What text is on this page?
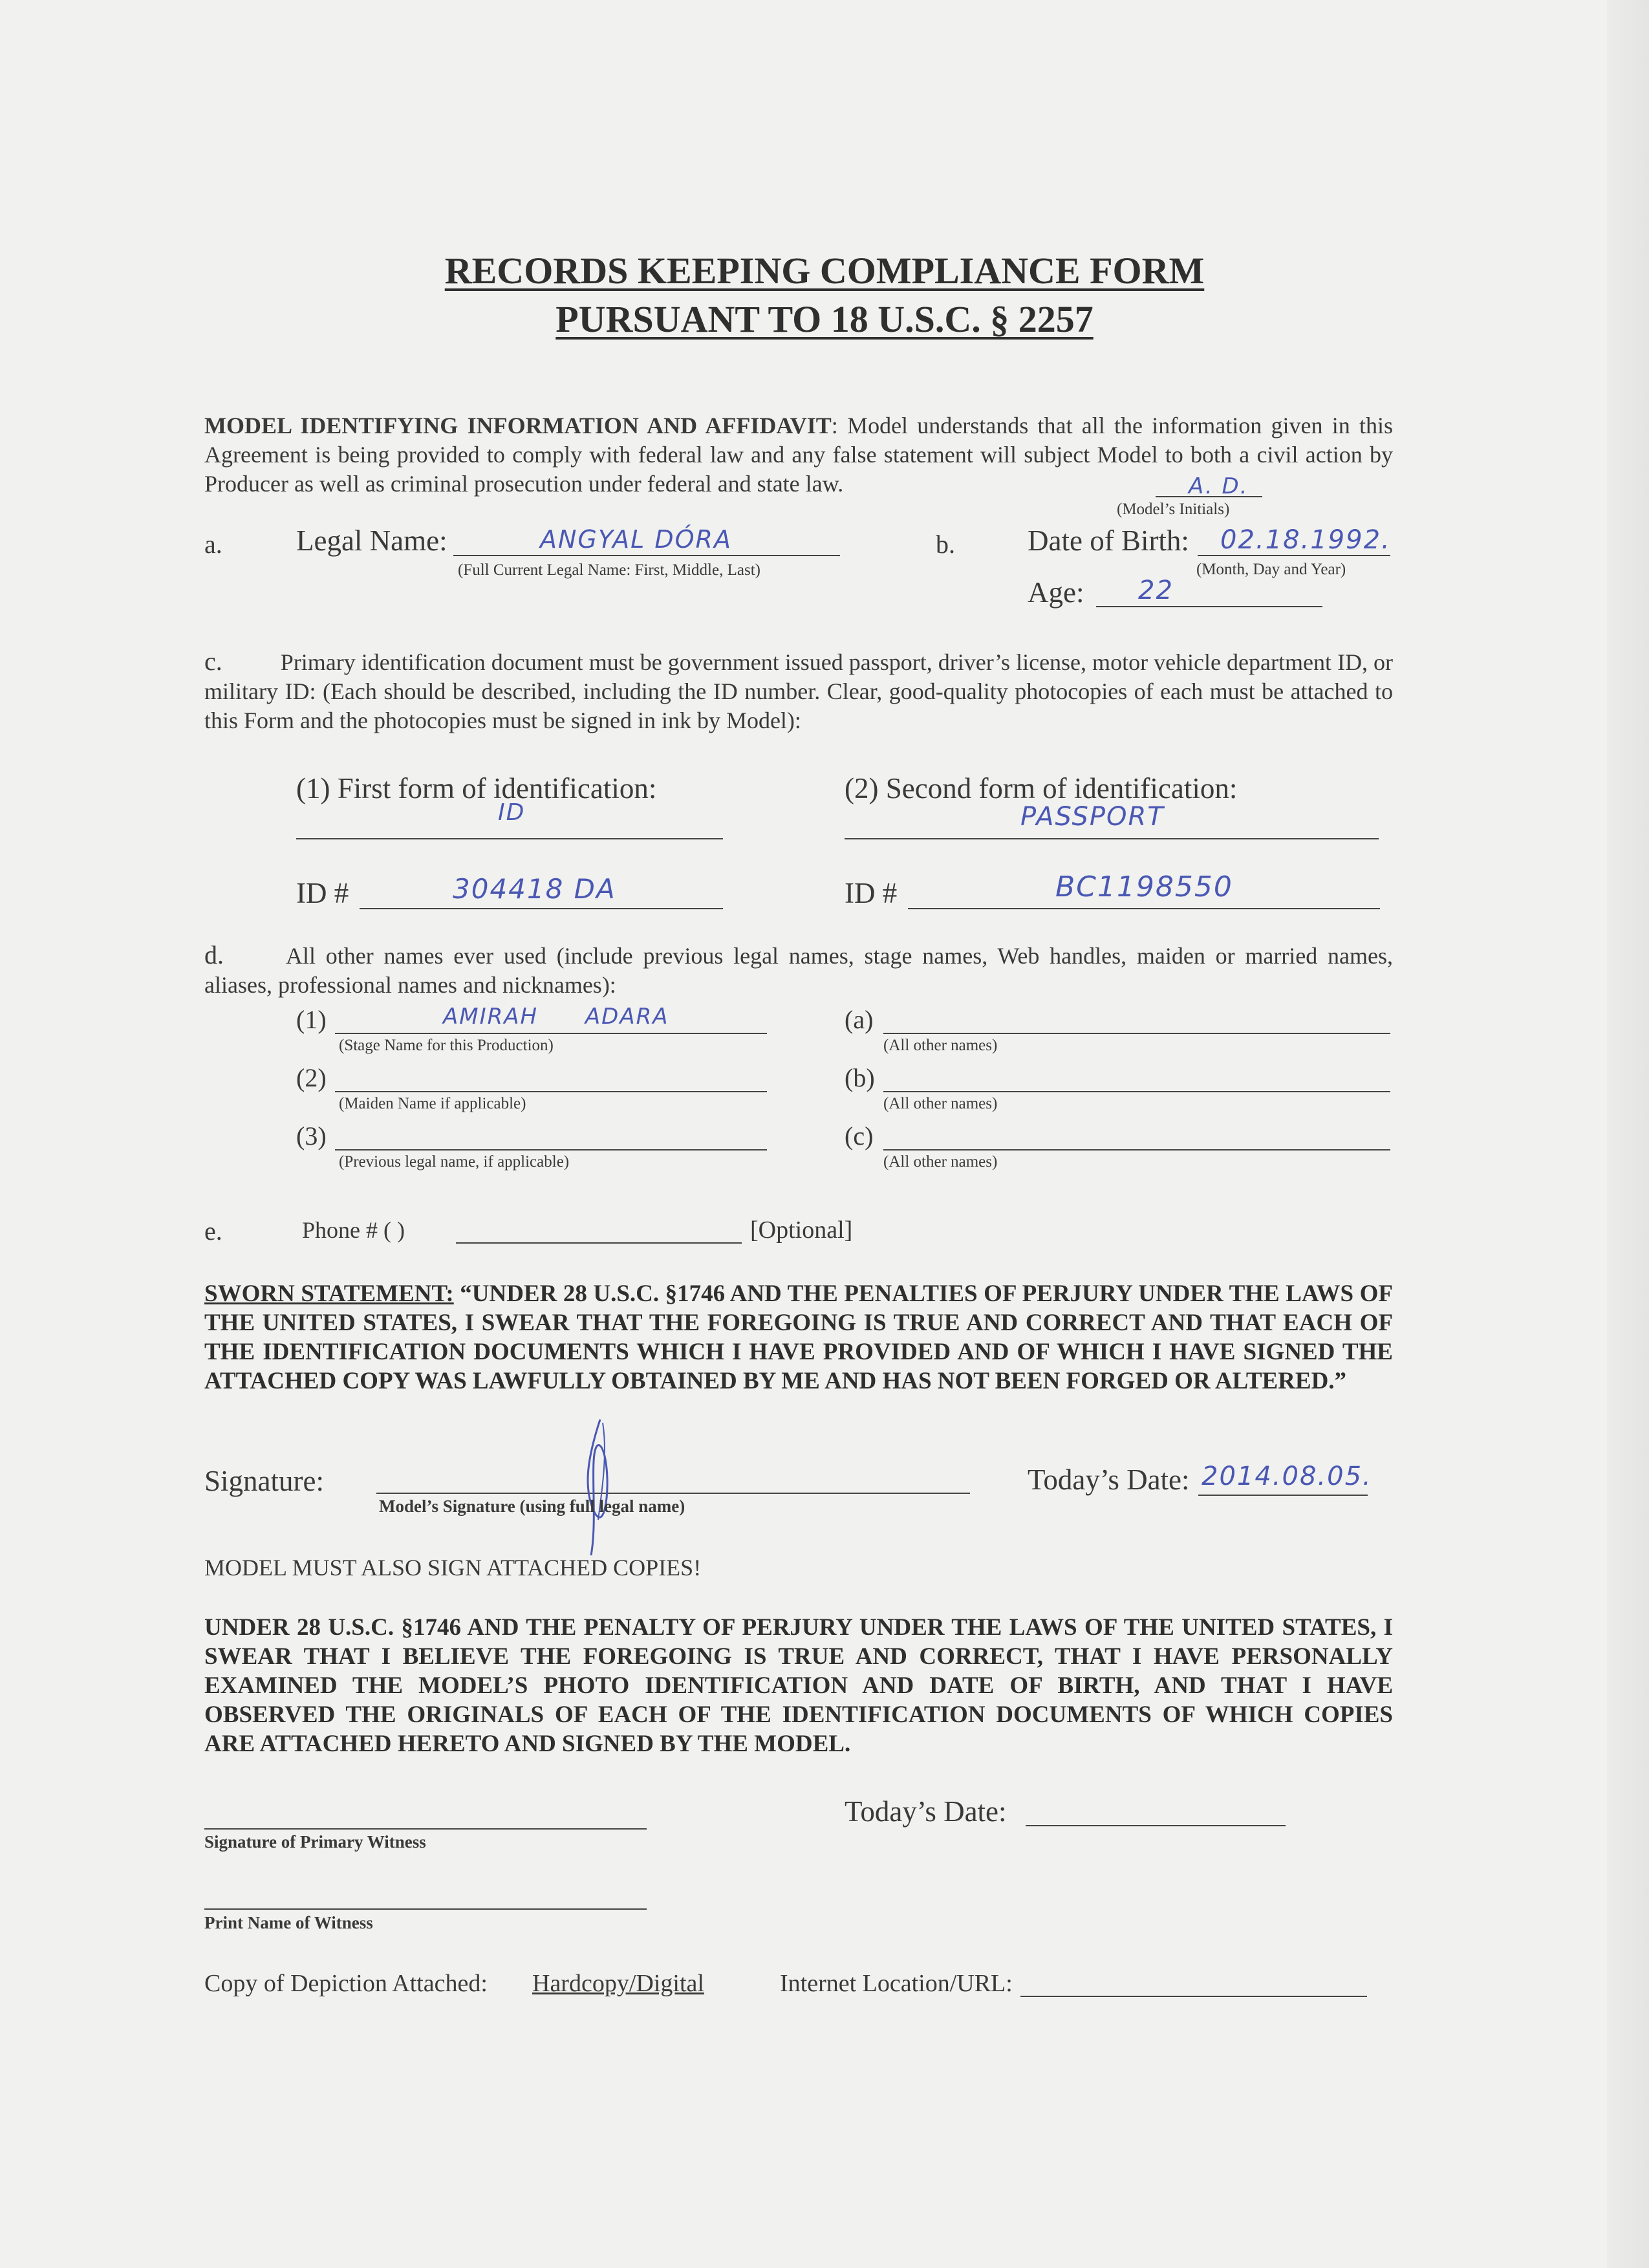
RECORDS KEEPING COMPLIANCE FORM
PURSUANT TO 18 U.S.C. § 2257
MODEL IDENTIFYING INFORMATION AND AFFIDAVIT: Model understands that all the information given in this Agreement is being provided to comply with federal law and any false statement will subject Model to both a civil action by Producer as well as criminal prosecution under federal and state law.	A. D.
(Model’s Initials)
a.	Legal Name:	ANGYAL DÓRA
(Full Current Legal Name: First, Middle, Last)
b. Date of Birth: 02.18.1992.
(Month, Day and Year)
Age: 22
c.	Primary identification document must be government issued passport, driver’s license, motor vehicle department ID, or military ID: (Each should be described, including the ID number. Clear, good-quality photocopies of each must be attached to this Form and the photocopies must be signed in ink by Model):
(1) First form of identification:
ID
(2) Second form of identification:
PASSPORT
ID #	304418 DA	ID #	BC1198550
d.	All other names ever used (include previous legal names, stage names, Web handles, maiden or married names, aliases, professional names and nicknames):
(1)	AMIRAH ADARA
(Stage Name for this Production)
(2)
(Maiden Name if applicable)
(3)
(Previous legal name, if applicable)
(a)
(All other names)
(b)
(All other names)
(c)
(All other names)
e.	Phone # ( )	[Optional]
SWORN STATEMENT: “UNDER 28 U.S.C. §1746 AND THE PENALTIES OF PERJURY UNDER THE LAWS OF THE UNITED STATES, I SWEAR THAT THE FOREGOING IS TRUE AND CORRECT AND THAT EACH OF THE IDENTIFICATION DOCUMENTS WHICH I HAVE PROVIDED AND OF WHICH I HAVE SIGNED THE ATTACHED COPY WAS LAWFULLY OBTAINED BY ME AND HAS NOT BEEN FORGED OR ALTERED.”
Signature:
Model’s Signature (using full legal name)
Today’s Date: 2014.08.05.
MODEL MUST ALSO SIGN ATTACHED COPIES!
UNDER 28 U.S.C. §1746 AND THE PENALTY OF PERJURY UNDER THE LAWS OF THE UNITED STATES, I SWEAR THAT I BELIEVE THE FOREGOING IS TRUE AND CORRECT, THAT I HAVE PERSONALLY EXAMINED THE MODEL’S PHOTO IDENTIFICATION AND DATE OF BIRTH, AND THAT I HAVE OBSERVED THE ORIGINALS OF EACH OF THE IDENTIFICATION DOCUMENTS OF WHICH COPIES ARE ATTACHED HERETO AND SIGNED BY THE MODEL.
Signature of Primary Witness
Today’s Date:
Print Name of Witness
Copy of Depiction Attached: Hardcopy/Digital	Internet Location/URL:
